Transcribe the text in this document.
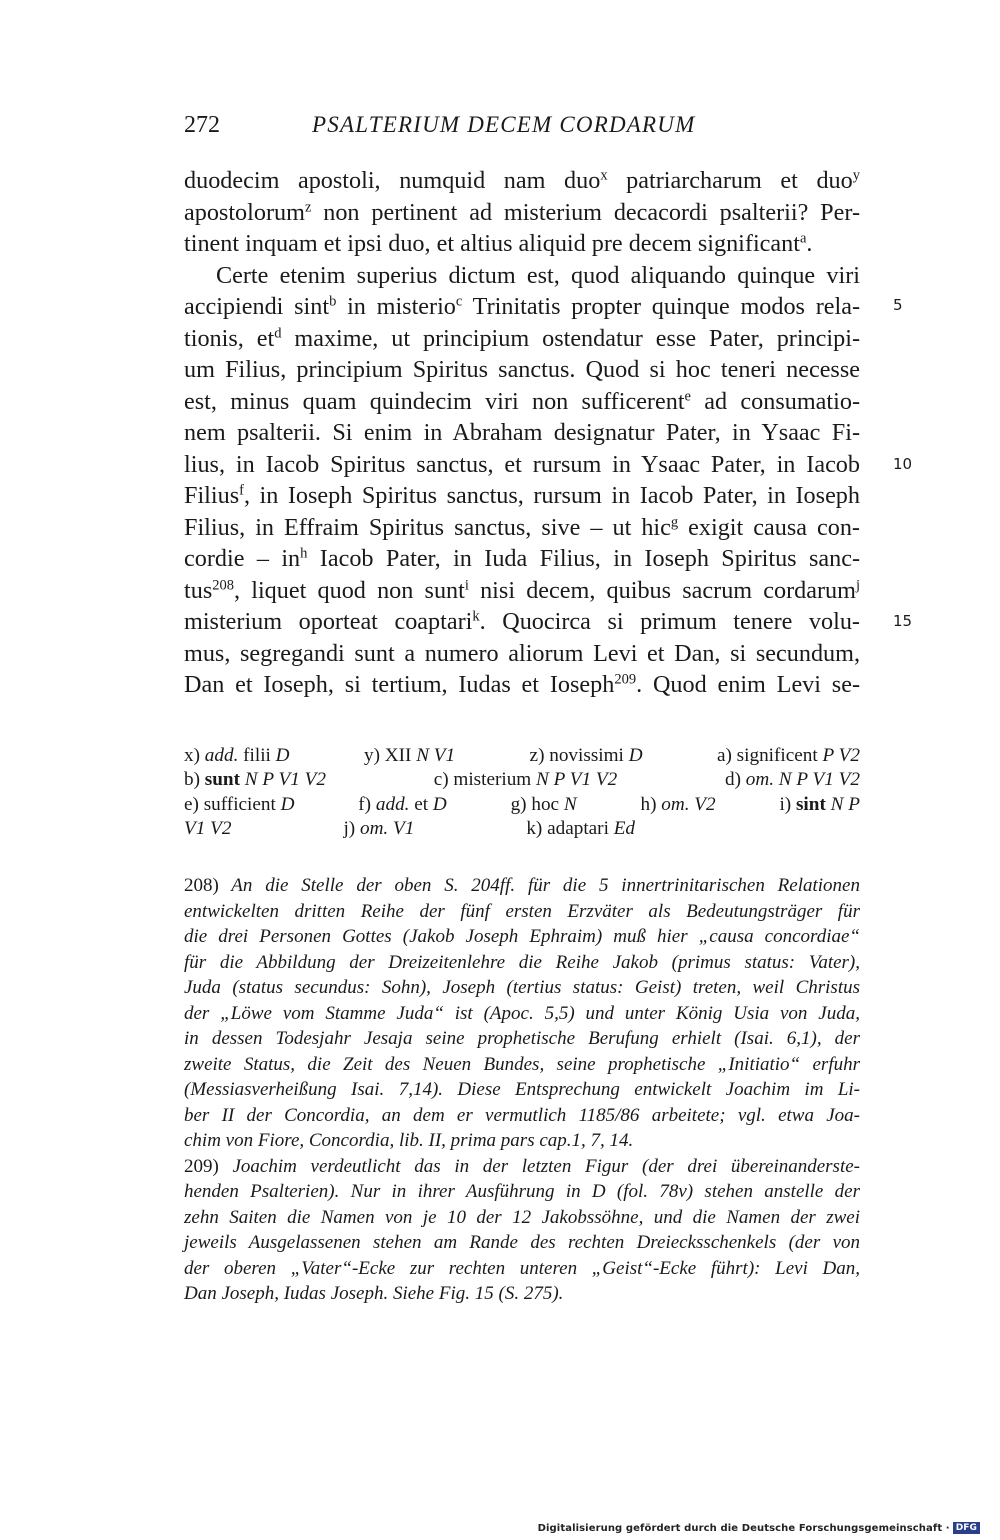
272	PSALTERIUM DECEM CORDARUM
duodecim apostoli, numquid nam duo$^x$ patriarcharum et duo$^y$
apostolorum$^z$ non pertinent ad misterium decacordi psalterii? Per-
tinent inquam et ipsi duo, et altius aliquid pre decem significant$^a$.
Certe etenim superius dictum est, quod aliquando quinque viri
accipiendi sint$^b$ in misterio$^c$ Trinitatis propter quinque modos rela-
tionis, $et^d$ maxime, ut principium ostendatur esse Pater, principi-
um Filius, principium Spiritus sanctus. Quod si hoc teneri necesse
est, minus quam quindecim viri non sufficerent$^e$ ad consumatio-
nem psalterii. Si enim in Abraham designatur Pater, in Ysaac Fi-
lius, in Iacob Spiritus sanctus, et rursum in Ysaac Pater, in Iacob
Filius$^f$, in Ioseph Spiritus sanctus, rursum in Iacob Pater, in Ioseph
Filius, in Effraim Spiritus sanctus, sive – ut hic$^g$ exigit causa con-
cordie – $in^h$ Iacob Pater, in Iuda Filius, in Ioseph Spiritus sanc-
tus$^{208}$, liquet quod non sunt$^i$ nisi decem, quibus sacrum cordarum$^j$
misterium oporteat coaptari$^k$. Quocirca si primum tenere volu-
mus, segregandi sunt a numero aliorum Levi et Dan, si secundum,
Dan et Ioseph, si tertium, Iudas et Ioseph$^{209}$. Quod enim Levi se-
5
10
15
x) add. filii D	y) XII N V1	z) novissimi D	a) significent P V2
b) sunt N P V1 V2	c) misterium N P V1 V2	d) om. N P V1 V2
e) sufficient D	f) add. et D	g) hoc N	h) om. V2	i) sint N P
V1 V2	j) om. V1	k) adaptari Ed
208) An die Stelle der oben S. 204ff. für die 5 innertrinitarischen Relationen
entwickelten dritten Reihe der fünf ersten Erzväter als Bedeutungsträger für
die drei Personen Gottes (Jakob Joseph Ephraim) muß hier „causa concordiae“
für die Abbildung der Dreizeitenlehre die Reihe Jakob (primus status: Vater),
Juda (status secundus: Sohn), Joseph (tertius status: Geist) treten, weil Christus
der „Löwe vom Stamme Juda“ ist (Apoc. 5,5) und unter König Usia von Juda,
in dessen Todesjahr Jesaja seine prophetische Berufung erhielt (Isai. 6,1), der
zweite Status, die Zeit des Neuen Bundes, seine prophetische „Initiatio“ erfuhr
(Messiasverheißung Isai. 7,14). Diese Entsprechung entwickelt Joachim im Li-
ber II der Concordia, an dem er vermutlich 1185/86 arbeitete; vgl. etwa Joa-
chim von Fiore, Concordia, lib. II, prima pars cap.1, 7, 14.
209) Joachim verdeutlicht das in der letzten Figur (der drei übereinanderste-
henden Psalterien). Nur in ihrer Ausführung in D (fol. 78v) stehen anstelle der
zehn Saiten die Namen von je 10 der 12 Jakobssöhne, und die Namen der zwei
jeweils Ausgelassenen stehen am Rande des rechten Dreiecksschenkels (der von
der oberen „Vater“-Ecke zur rechten unteren „Geist“-Ecke führt): Levi Dan,
Dan Joseph, Iudas Joseph. Siehe Fig. 15 (S. 275).
Digitalisierung gefördert durch die Deutsche Forschungsgemeinschaft · DFG
